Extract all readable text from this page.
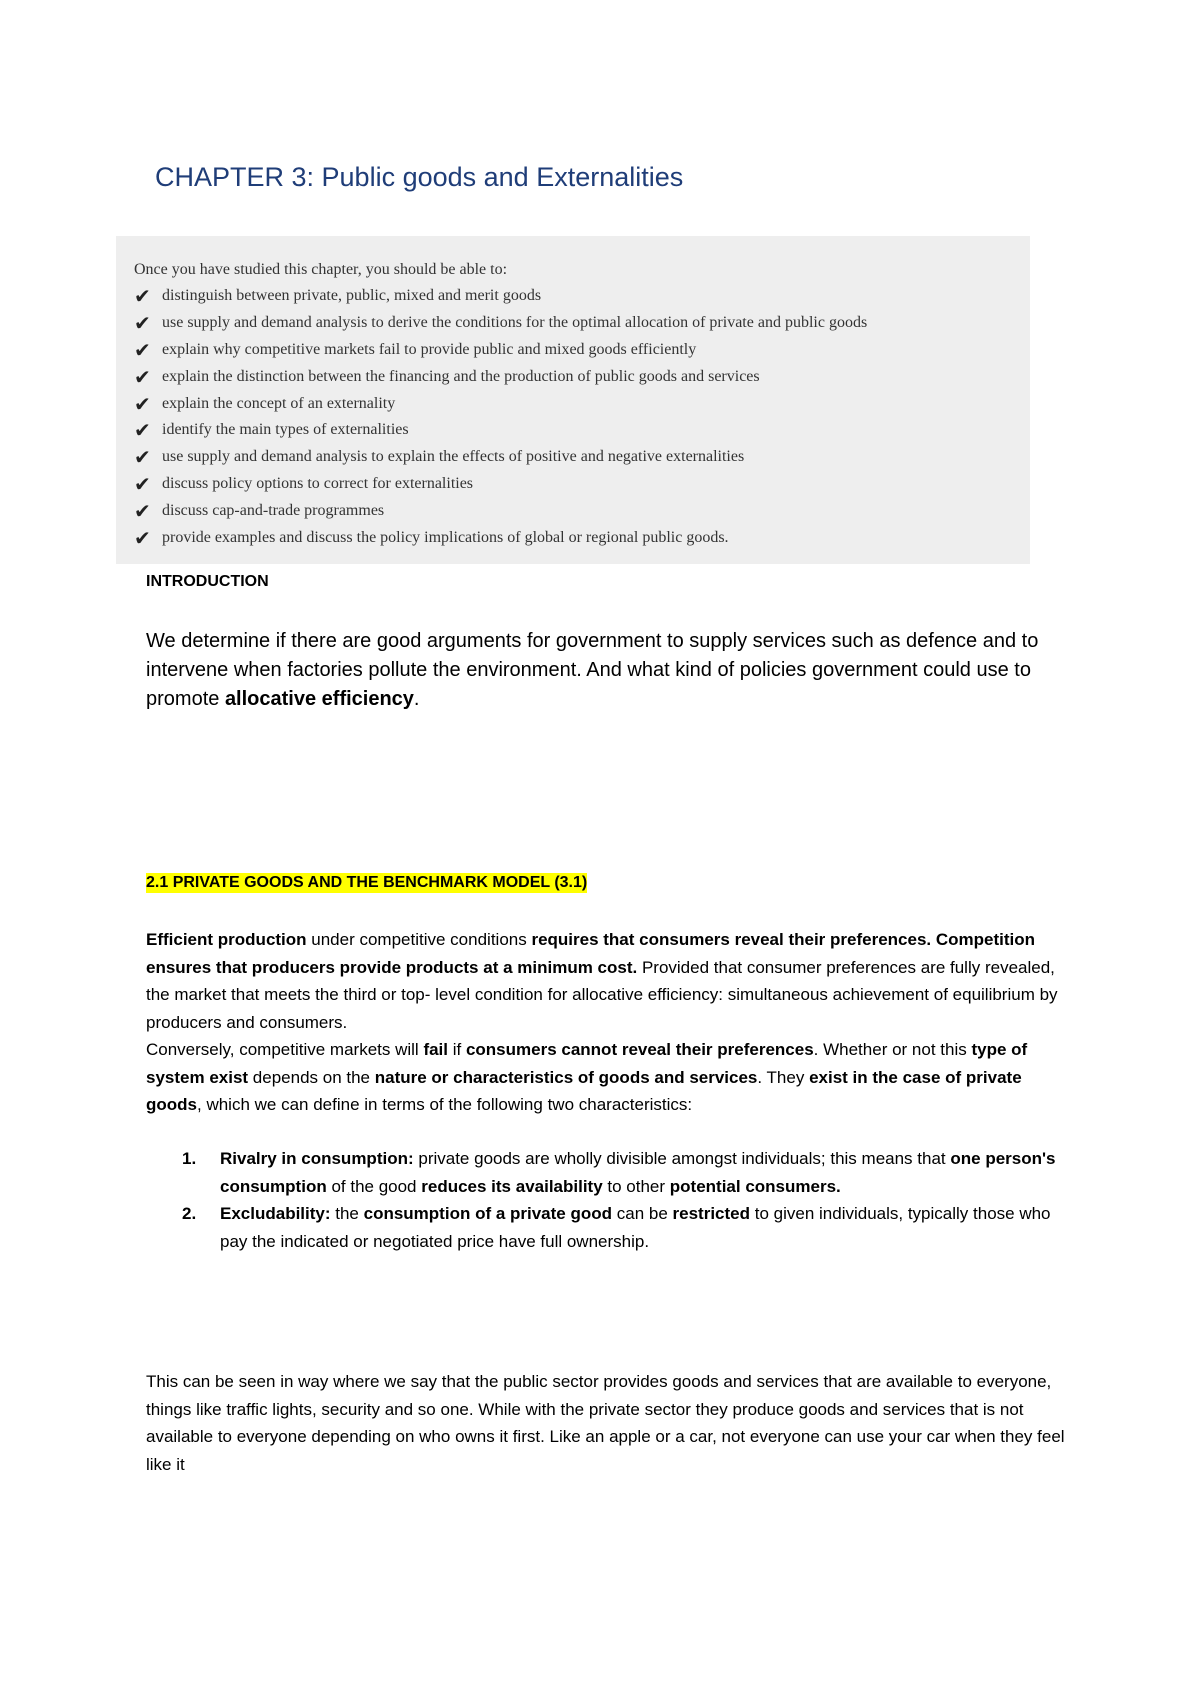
CHAPTER 3: Public goods and Externalities
Once you have studied this chapter, you should be able to:
✔ distinguish between private, public, mixed and merit goods
✔ use supply and demand analysis to derive the conditions for the optimal allocation of private and public goods
✔ explain why competitive markets fail to provide public and mixed goods efficiently
✔ explain the distinction between the financing and the production of public goods and services
✔ explain the concept of an externality
✔ identify the main types of externalities
✔ use supply and demand analysis to explain the effects of positive and negative externalities
✔ discuss policy options to correct for externalities
✔ discuss cap-and-trade programmes
✔ provide examples and discuss the policy implications of global or regional public goods.
INTRODUCTION

We determine if there are good arguments for government to supply services such as defence and to intervene when factories pollute the environment. And what kind of policies government could use to promote allocative efficiency.

2.1 PRIVATE GOODS AND THE BENCHMARK MODEL (3.1)

Efficient production under competitive conditions requires that consumers reveal their preferences. Competition ensures that producers provide products at a minimum cost. Provided that consumer preferences are fully revealed, the market that meets the third or top- level condition for allocative efficiency: simultaneous achievement of equilibrium by producers and consumers.
Conversely, competitive markets will fail if consumers cannot reveal their preferences. Whether or not this type of system exist depends on the nature or characteristics of goods and services. They exist in the case of private goods, which we can define in terms of the following two characteristics:

1. Rivalry in consumption: private goods are wholly divisible amongst individuals; this means that one person's consumption of the good reduces its availability to other potential consumers.
2. Excludability: the consumption of a private good can be restricted to given individuals, typically those who pay the indicated or negotiated price have full ownership.

This can be seen in way where we say that the public sector provides goods and services that are available to everyone, things like traffic lights, security and so one. While with the private sector they produce goods and services that is not available to everyone depending on who owns it first. Like an apple or a car, not everyone can use your car when they feel like it
